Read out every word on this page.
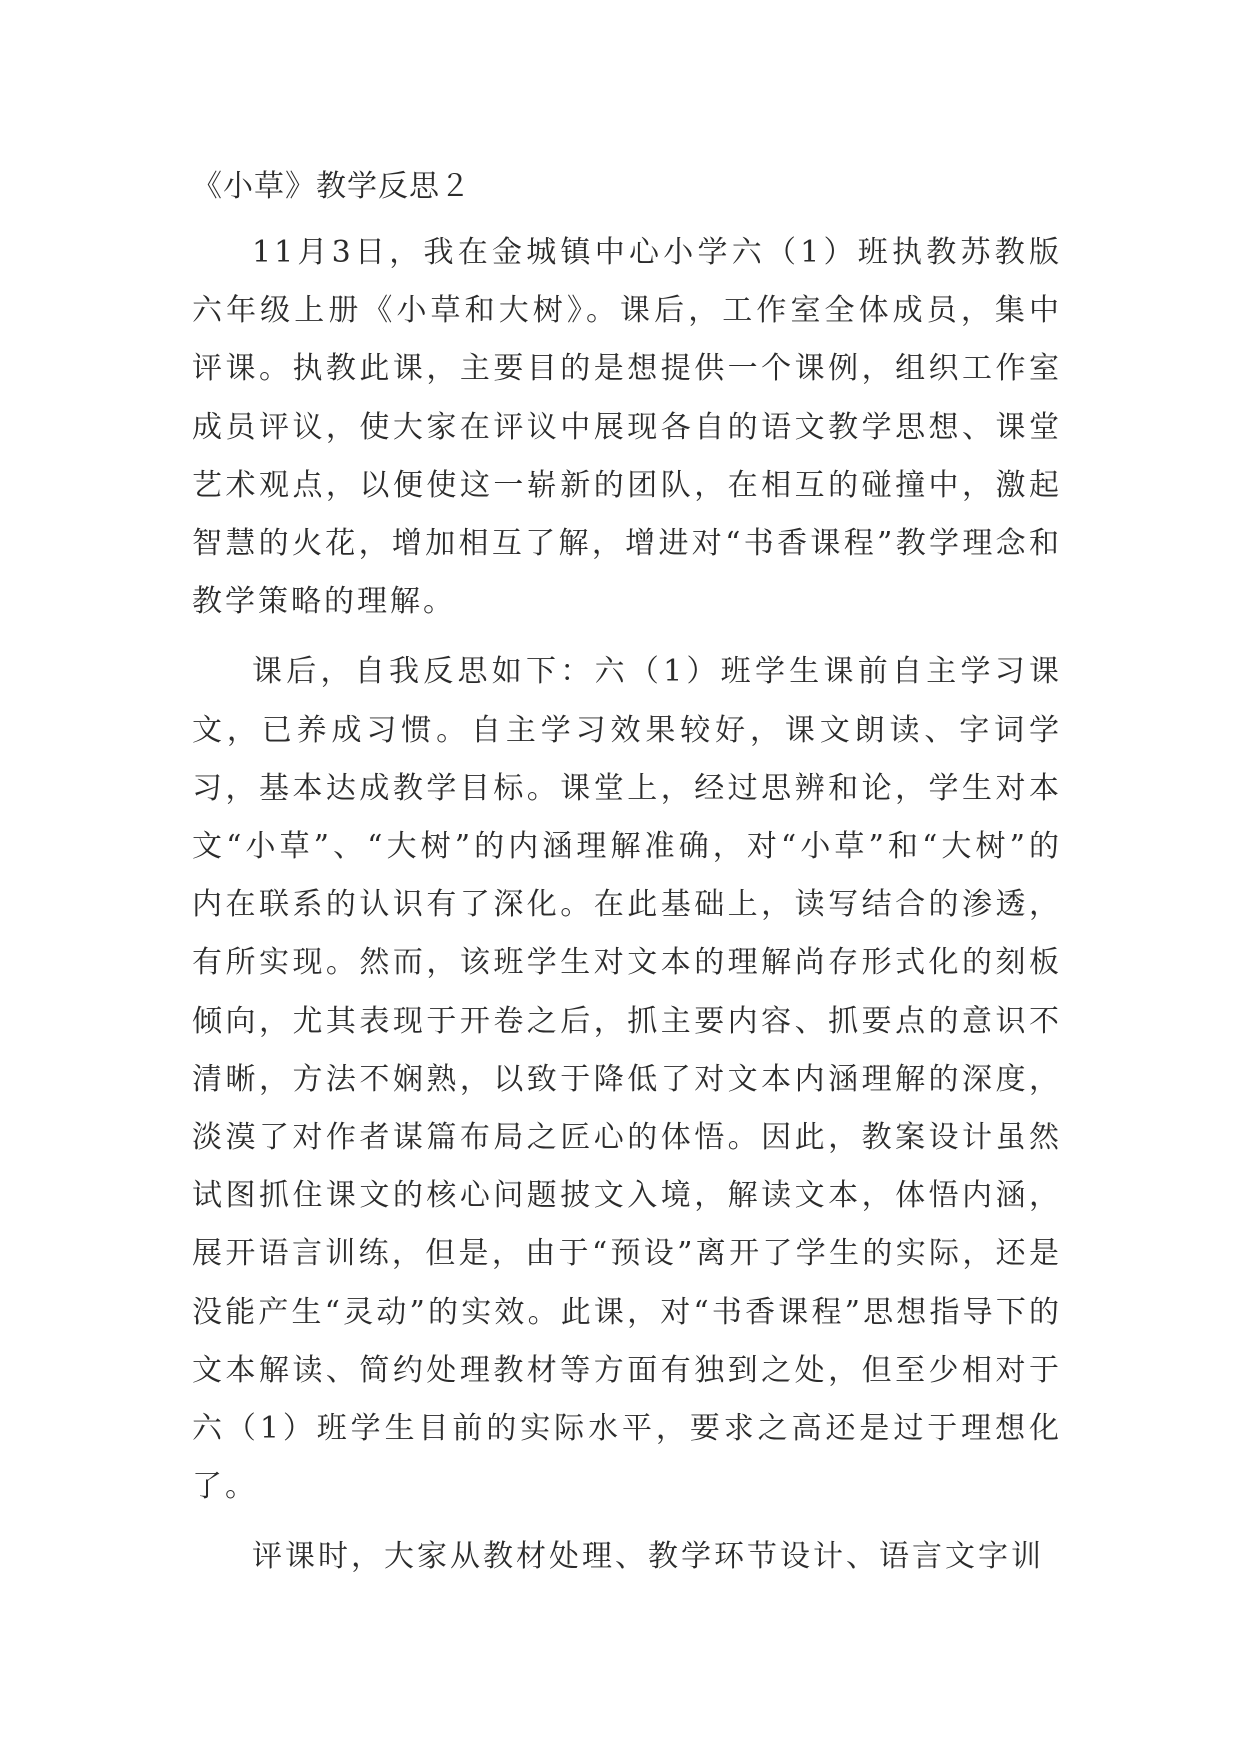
《小草》教学反思２

11月3日，我在金城镇中心小学六（1）班执教苏教版六年级上册《小草和大树》。课后，工作室全体成员，集中评课。执教此课，主要目的是想提供一个课例，组织工作室成员评议，使大家在评议中展现各自的语文教学思想、课堂艺术观点，以便使这一崭新的团队，在相互的碰撞中，激起智慧的火花，增加相互了解，增进对“书香课程”教学理念和教学策略的理解。

课后，自我反思如下：六（1）班学生课前自主学习课文，已养成习惯。自主学习效果较好，课文朗读、字词学习，基本达成教学目标。课堂上，经过思辨和论，学生对本文“小草”、“大树”的内涵理解准确，对“小草”和“大树”的内在联系的认识有了深化。在此基础上，读写结合的渗透，有所实现。然而，该班学生对文本的理解尚存形式化的刻板倾向，尤其表现于开卷之后，抓主要内容、抓要点的意识不清晰，方法不娴熟，以致于降低了对文本内涵理解的深度，淡漠了对作者谋篇布局之匠心的体悟。因此，教案设计虽然试图抓住课文的核心问题披文入境，解读文本，体悟内涵，展开语言训练，但是，由于“预设”离开了学生的实际，还是没能产生“灵动”的实效。此课，对“书香课程”思想指导下的文本解读、简约处理教材等方面有独到之处，但至少相对于六（1）班学生目前的实际水平，要求之高还是过于理想化了。

评课时，大家从教材处理、教学环节设计、语言文字训
